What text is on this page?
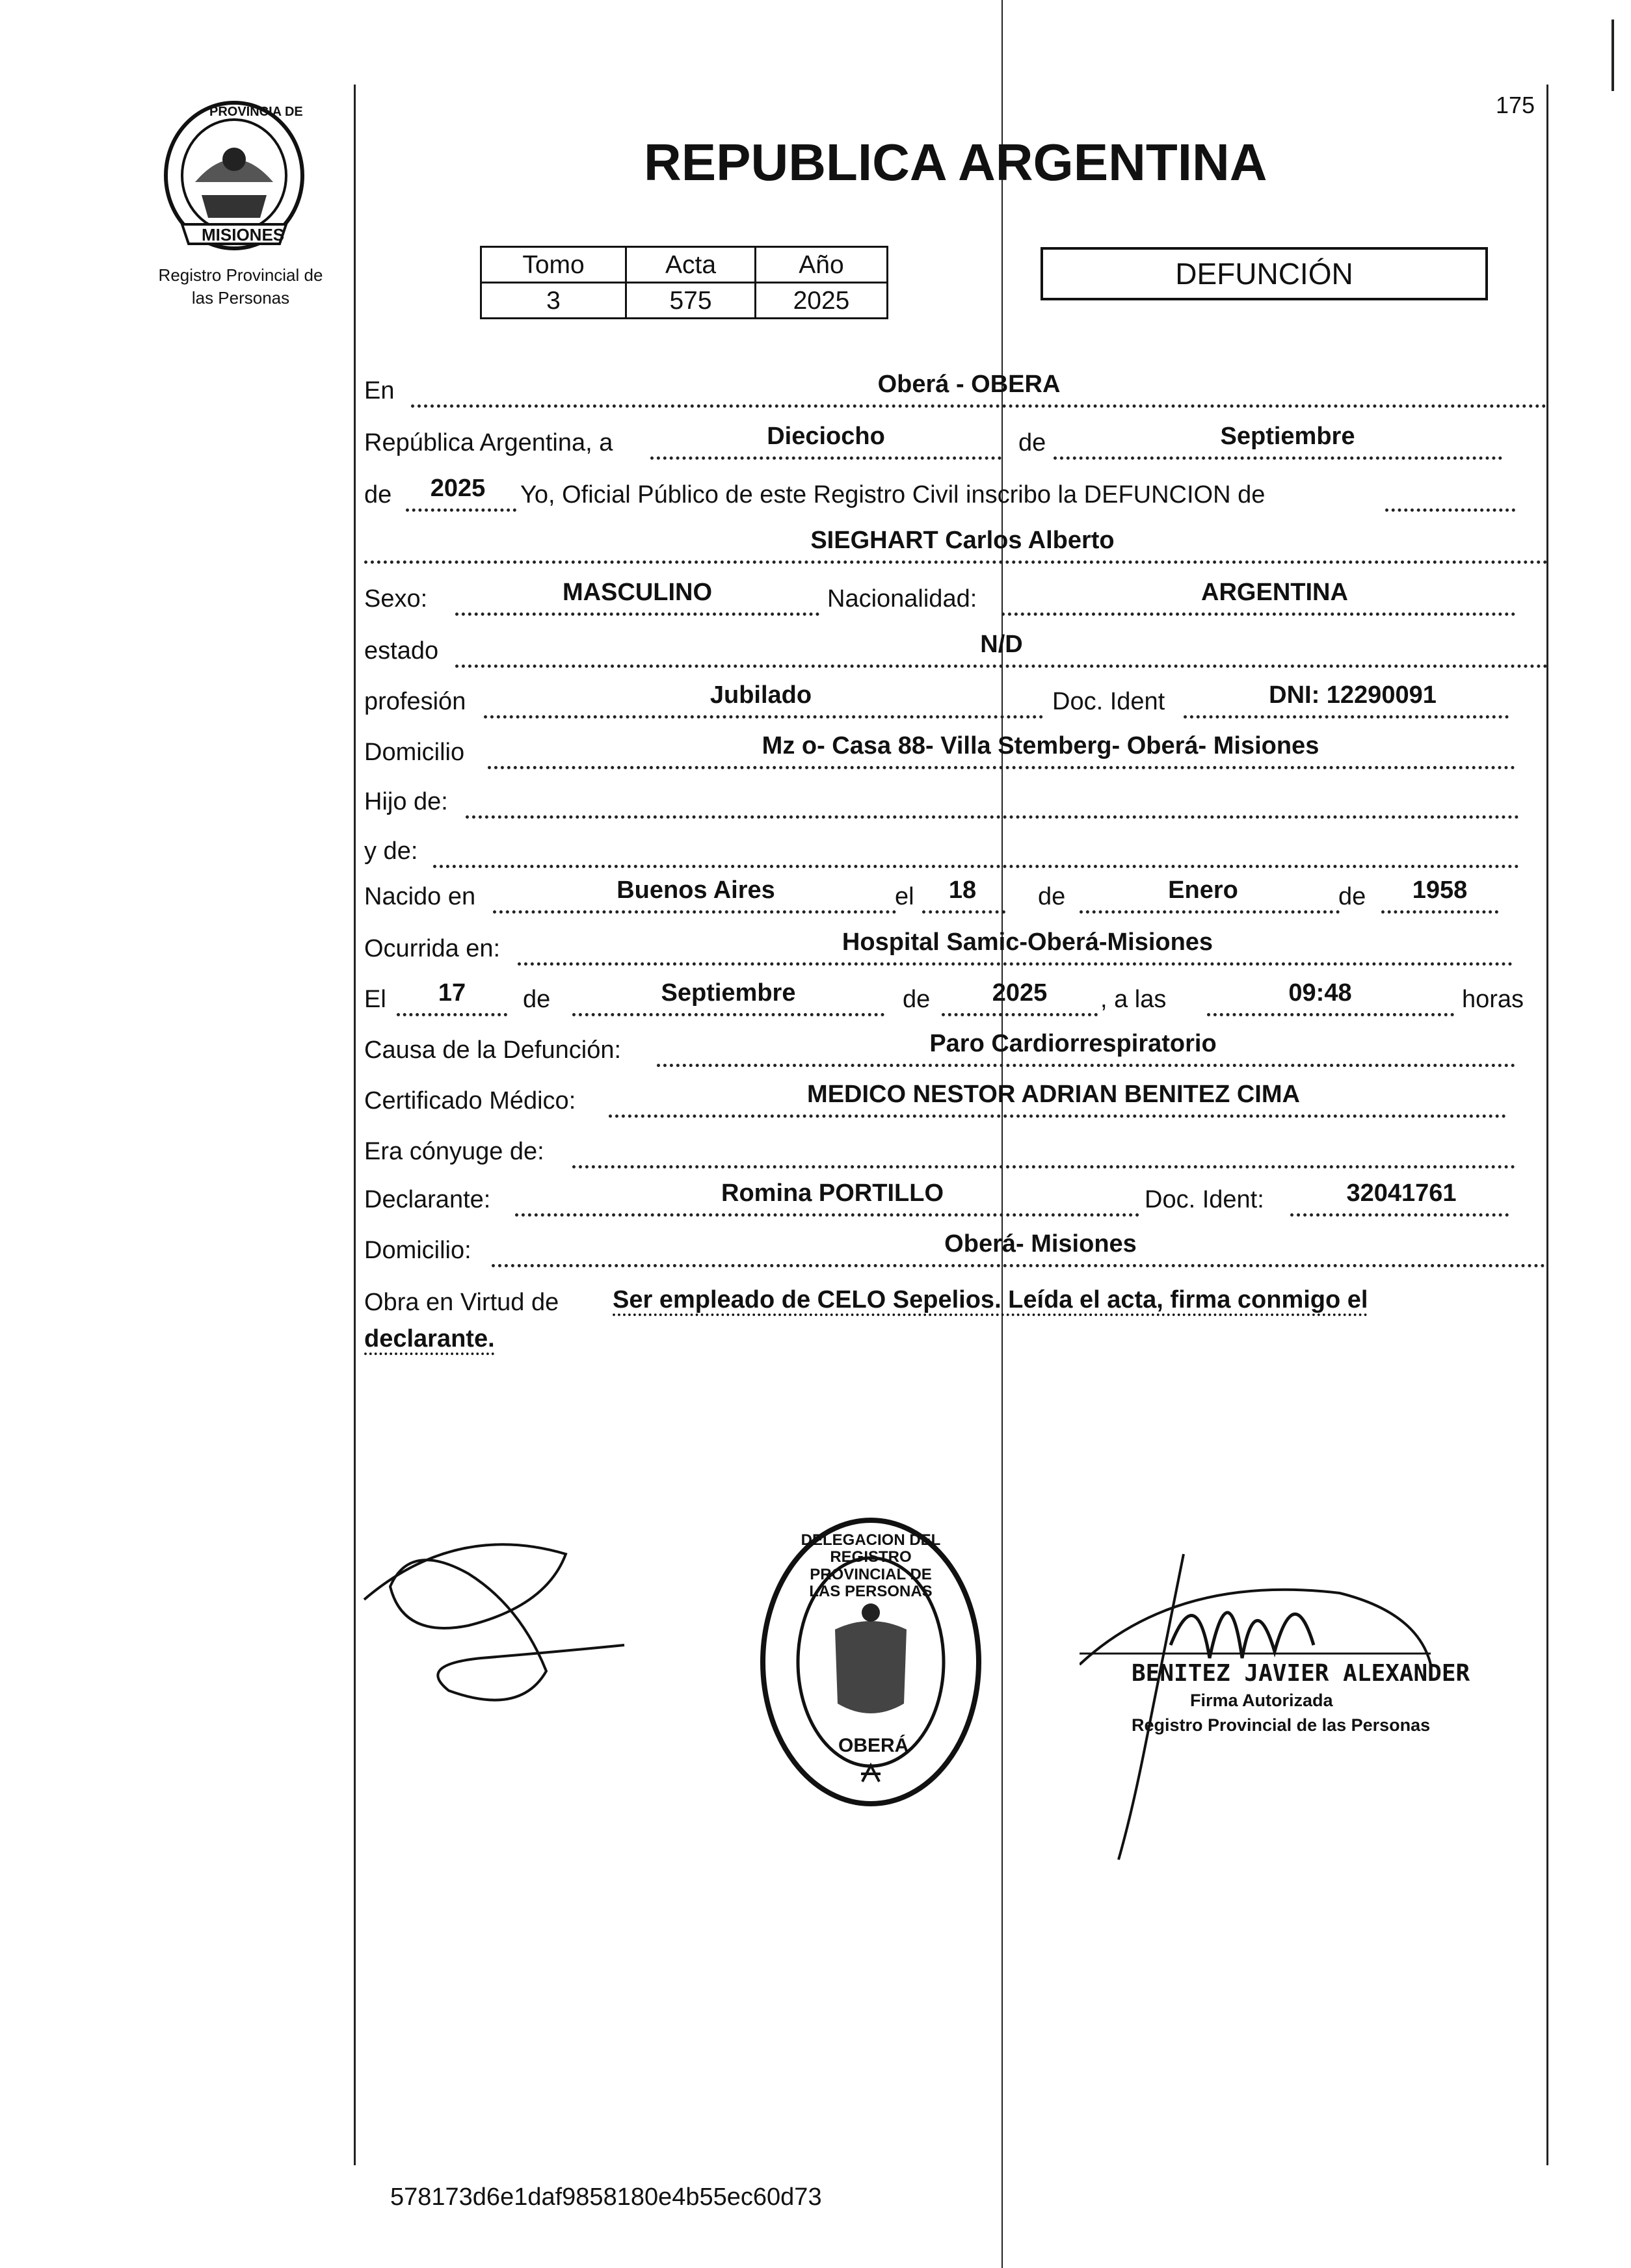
175
PROVINCIA DE
MISIONES
Registro Provincial de
las Personas
REPUBLICA ARGENTINA
Tomo	Acta	Año
3	575	2025
DEFUNCIÓN
En	Oberá - OBERA
República Argentina, a	Dieciocho	de	Septiembre
de	2025	Yo, Oficial Público de este Registro Civil inscribo la DEFUNCION de
SIEGHART Carlos Alberto
Sexo:	MASCULINO	Nacionalidad:	ARGENTINA
estado	N/D
profesión	Jubilado	Doc. Ident	DNI: 12290091
Domicilio	Mz o- Casa 88- Villa Stemberg- Oberá- Misiones
Hijo de:
y de:
Nacido en	Buenos Aires	el	18	de	Enero	de	1958
Ocurrida en:	Hospital Samic-Oberá-Misiones
El	17	de	Septiembre	de	2025	, a las	09:48	horas
Causa de la Defunción:	Paro Cardiorrespiratorio
Certificado Médico:	MEDICO NESTOR ADRIAN BENITEZ CIMA
Era cónyuge de:
Declarante:	Romina PORTILLO	Doc. Ident:	32041761
Domicilio:	Oberá- Misiones
Obra en Virtud de Ser empleado de CELO Sepelios. Leída el acta, firma conmigo el
declarante.
DELEGACION DEL REGISTRO PROVINCIAL DE LAS PERSONAS
OBERÁ
BENITEZ JAVIER ALEXANDER
Firma Autorizada
Registro Provincial de las Personas
578173d6e1daf9858180e4b55ec60d73
